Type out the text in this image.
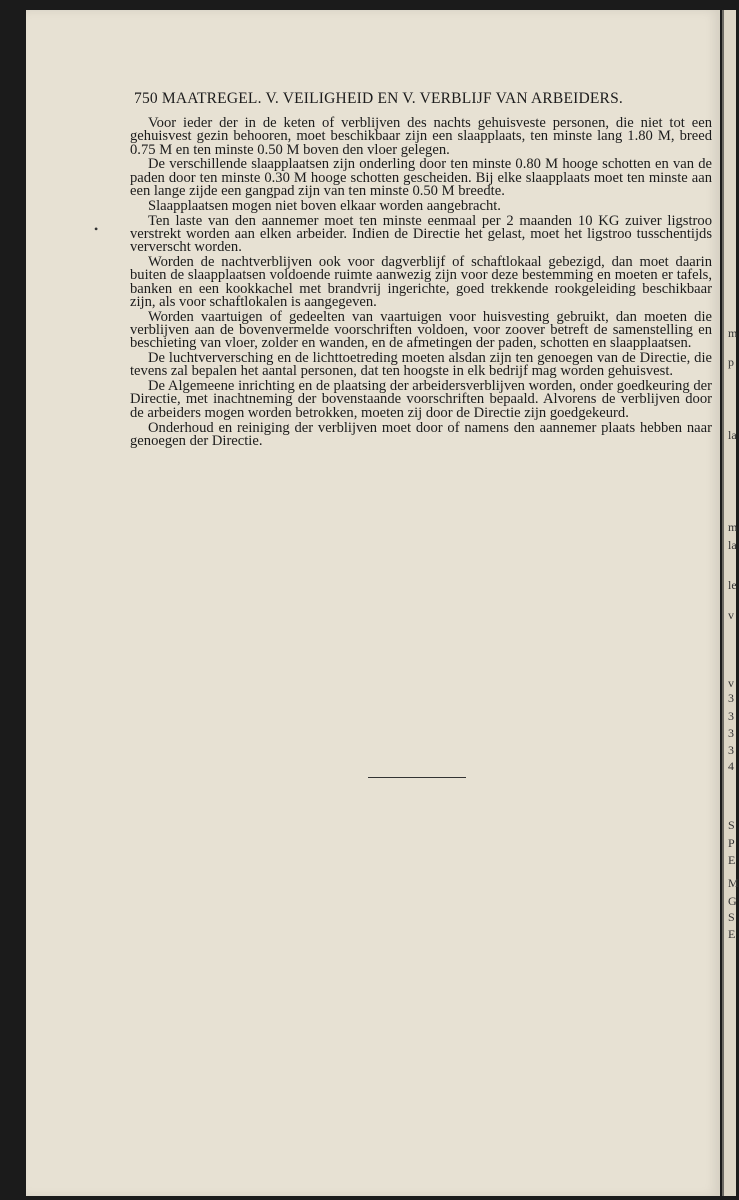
750 MAATREGEL. V. VEILIGHEID EN V. VERBLIJF VAN ARBEIDERS.
•

Voor ieder der in de keten of verblijven des nachts gehuisveste personen, die niet tot een gehuisvest gezin behooren, moet beschikbaar zijn een slaapplaats, ten minste lang 1.80 M, breed 0.75 M en ten minste 0.50 M boven den vloer gelegen.

De verschillende slaapplaatsen zijn onderling door ten minste 0.80 M hooge schotten en van de paden door ten minste 0.30 M hooge schotten gescheiden. Bij elke slaapplaats moet ten minste aan een lange zijde een gangpad zijn van ten minste 0.50 M breedte.

Slaapplaatsen mogen niet boven elkaar worden aangebracht.

Ten laste van den aannemer moet ten minste eenmaal per 2 maanden 10 KG zuiver ligstroo verstrekt worden aan elken arbeider. Indien de Directie het gelast, moet het ligstroo tusschentijds ververscht worden.

Worden de nachtverblijven ook voor dagverblijf of schaftlokaal gebezigd, dan moet daarin buiten de slaapplaatsen voldoende ruimte aanwezig zijn voor deze bestemming en moeten er tafels, banken en een kookkachel met brandvrij ingerichte, goed trekkende rookgeleiding beschikbaar zijn, als voor schaftlokalen is aangegeven.

Worden vaartuigen of gedeelten van vaartuigen voor huisvesting gebruikt, dan moeten die verblijven aan de bovenvermelde voorschriften voldoen, voor zoover betreft de samenstelling en beschieting van vloer, zolder en wanden, en de afmetingen der paden, schotten en slaapplaatsen.

De luchtverversching en de lichttoetreding moeten alsdan zijn ten genoegen van de Directie, die tevens zal bepalen het aantal personen, dat ten hoogste in elk bedrijf mag worden gehuisvest.

De Algemeene inrichting en de plaatsing der arbeidersverblijven worden, onder goedkeuring der Directie, met inachtneming der bovenstaande voorschriften bepaald. Alvorens de verblijven door de arbeiders mogen worden betrokken, moeten zij door de Directie zijn goedgekeurd.

Onderhoud en reiniging der verblijven moet door of namens den aannemer plaats hebben naar genoegen der Directie.

m
p
la
m
la
le
v
v
3
3
3
3
4
S
P
E
M
G
S
E
